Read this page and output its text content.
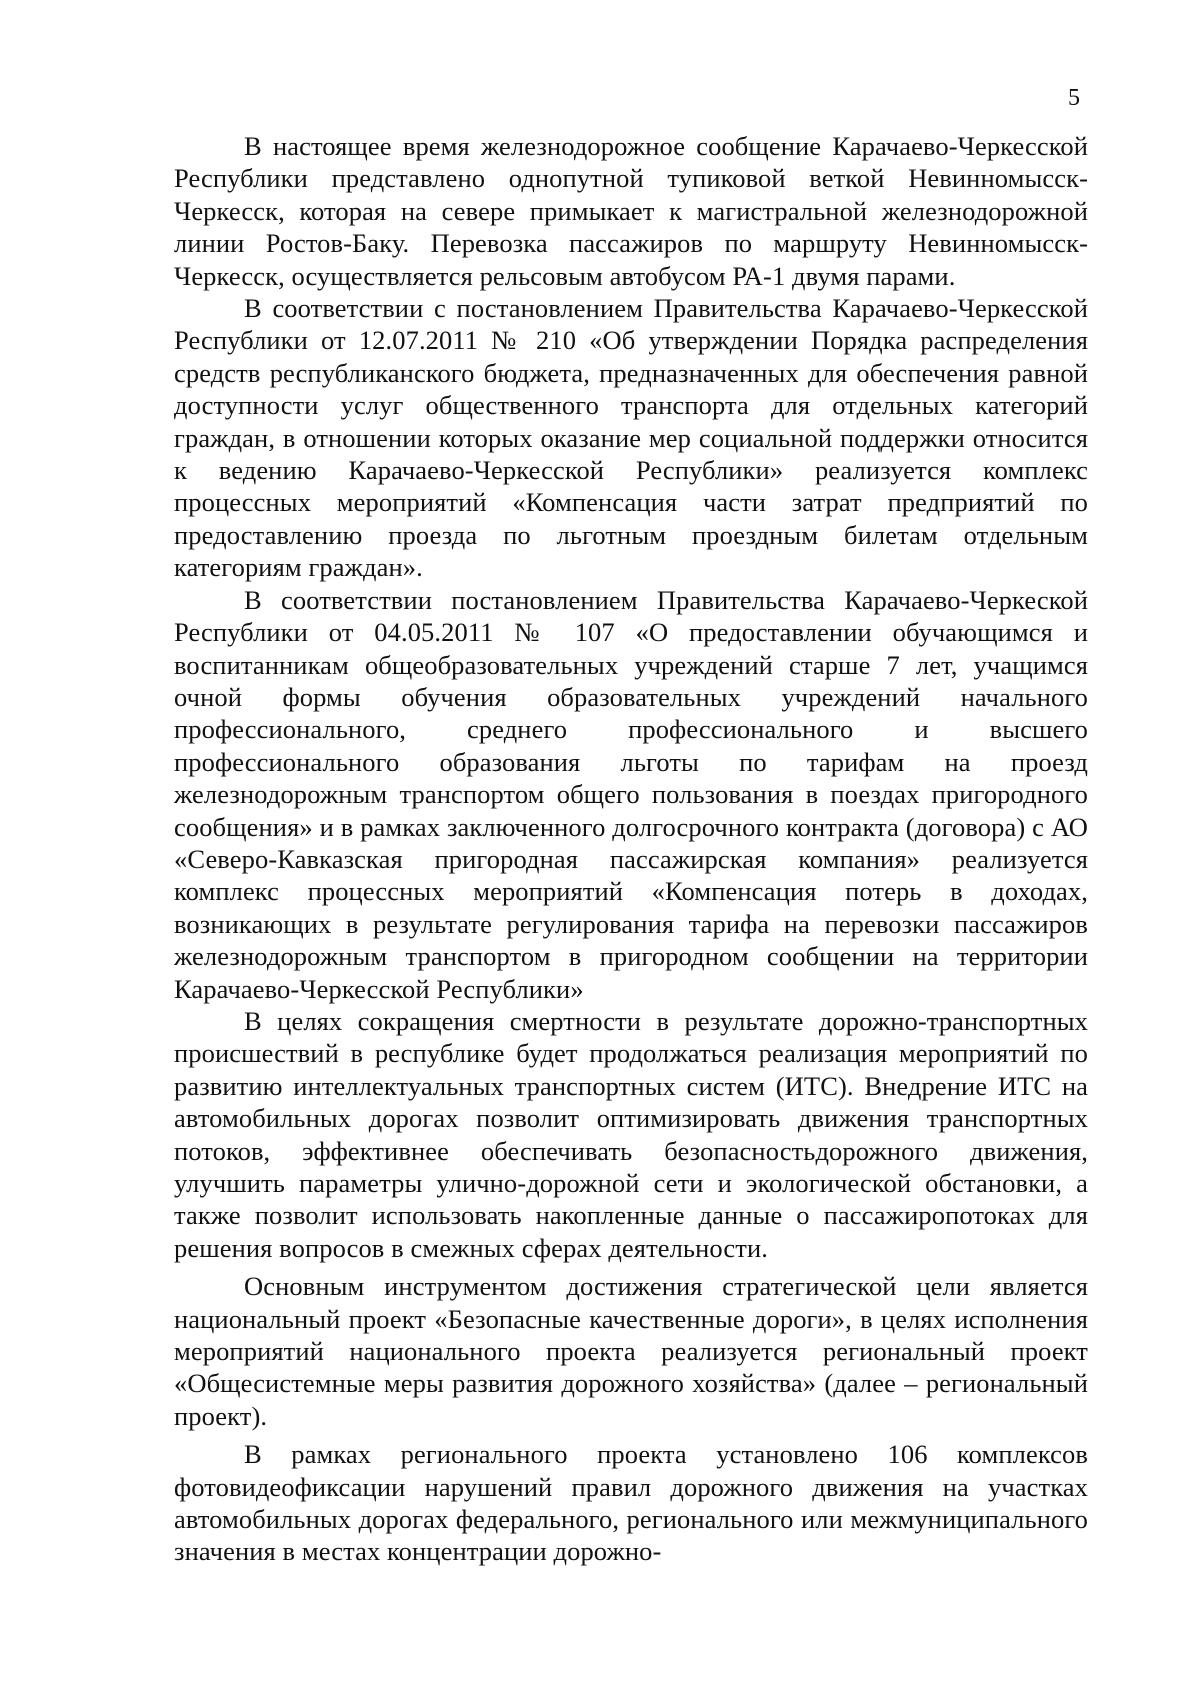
5

В настоящее время железнодорожное сообщение Карачаево-Черкесской Республики представлено однопутной тупиковой веткой Невинномысск-Черкесск, которая на севере примыкает к магистральной железнодорожной линии Ростов-Баку. Перевозка пассажиров по маршруту Невинномысск-Черкесск, осуществляется рельсовым автобусом РА-1 двумя парами.

В соответствии с постановлением Правительства Карачаево-Черкесской Республики от 12.07.2011 № 210 «Об утверждении Порядка распределения средств республиканского бюджета, предназначенных для обеспечения равной доступности услуг общественного транспорта для отдельных категорий граждан, в отношении которых оказание мер социальной поддержки относится к ведению Карачаево-Черкесской Республики» реализуется комплекс процессных мероприятий «Компенсация части затрат предприятий по предоставлению проезда по льготным проездным билетам отдельным категориям граждан».

В соответствии постановлением Правительства Карачаево-Черкеской Республики от 04.05.2011 № 107 «О предоставлении обучающимся и воспитанникам общеобразовательных учреждений старше 7 лет, учащимся очной формы обучения образовательных учреждений начального профессионального, среднего профессионального и высшего профессионального образования льготы по тарифам на проезд железнодорожным транспортом общего пользования в поездах пригородного сообщения» и в рамках заключенного долгосрочного контракта (договора) с АО «Северо-Кавказская пригородная пассажирская компания» реализуется комплекс процессных мероприятий «Компенсация потерь в доходах, возникающих в результате регулирования тарифа на перевозки пассажиров железнодорожным транспортом в пригородном сообщении на территории Карачаево-Черкесской Республики»

В целях сокращения смертности в результате дорожно-транспортных происшествий в республике будет продолжаться реализация мероприятий по развитию интеллектуальных транспортных систем (ИТС). Внедрение ИТС на автомобильных дорогах позволит оптимизировать движения транспортных потоков, эффективнее обеспечивать безопасностьдорожного движения, улучшить параметры улично-дорожной сети и экологической обстановки, а также позволит использовать накопленные данные о пассажиропотоках для решения вопросов в смежных сферах деятельности.

Основным инструментом достижения стратегической цели является национальный проект «Безопасные качественные дороги», в целях исполнения мероприятий национального проекта реализуется региональный проект «Общесистемные меры развития дорожного хозяйства» (далее – региональный проект).

В рамках регионального проекта установлено 106 комплексов фотовидеофиксации нарушений правил дорожного движения на участках автомобильных дорогах федерального, регионального или межмуниципального значения в местах концентрации дорожно-
